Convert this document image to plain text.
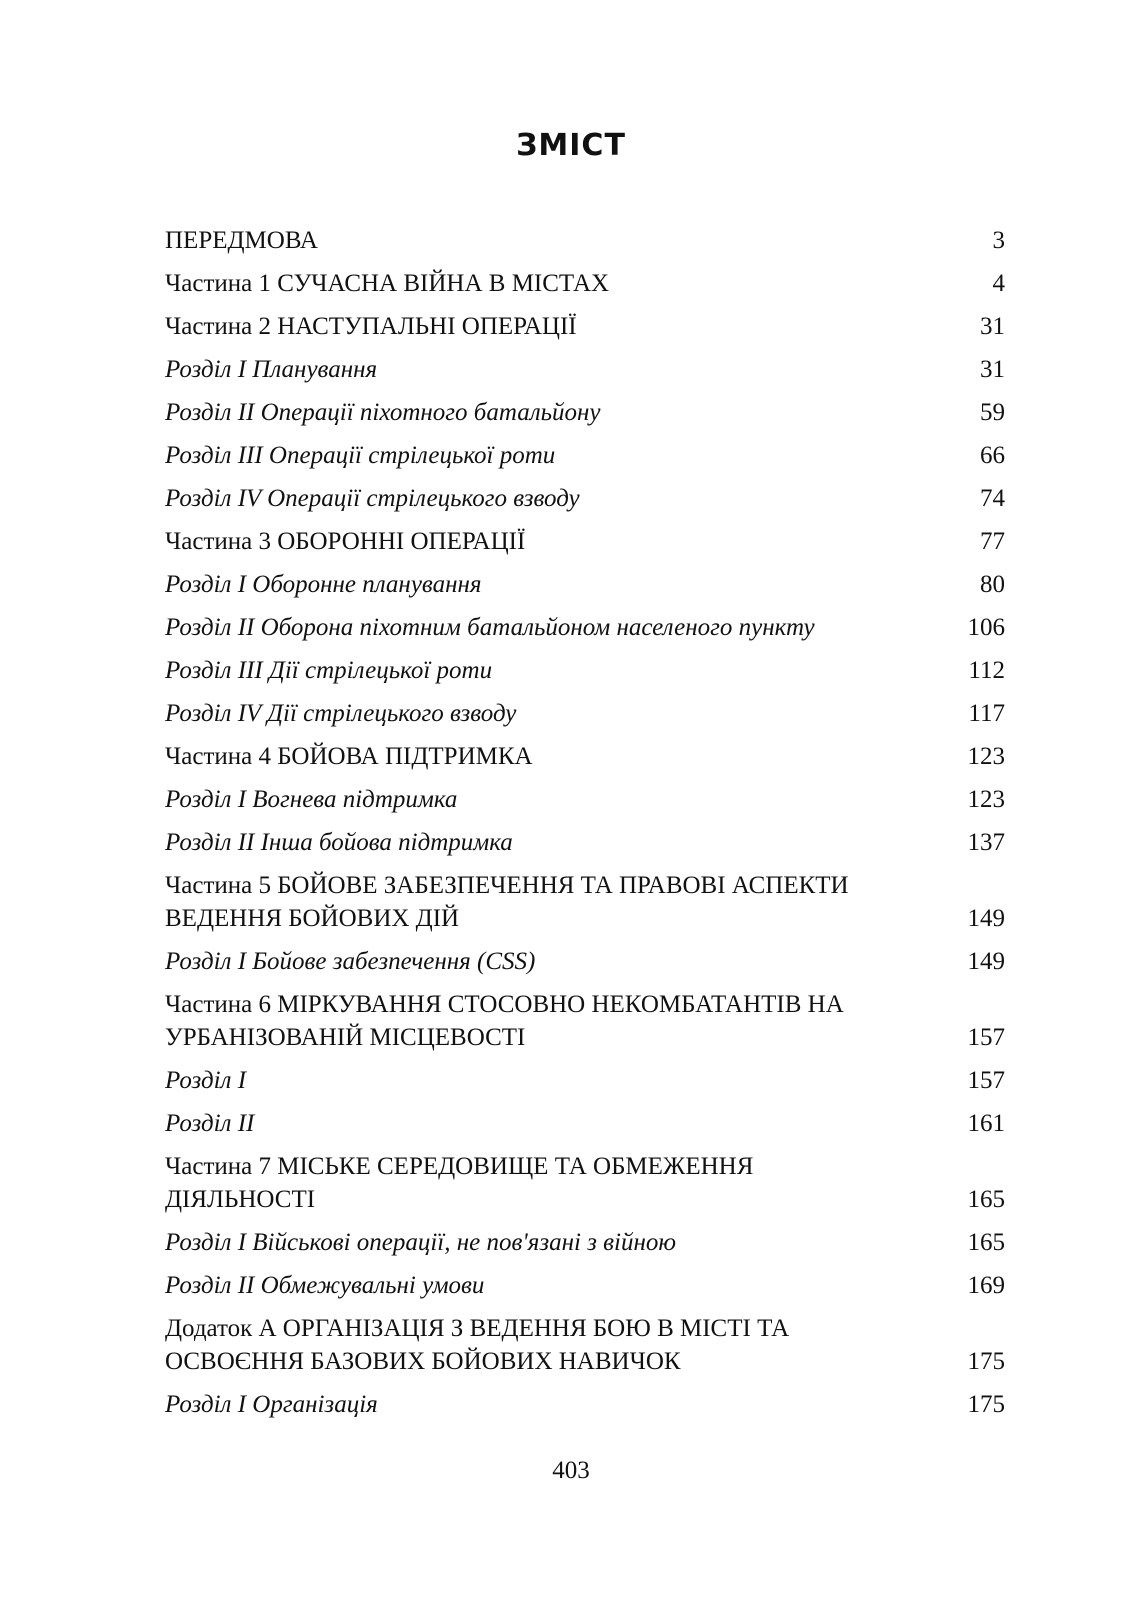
ЗМІСТ
ПЕРЕДМОВА	3
Частина 1 СУЧАСНА ВІЙНА В МІСТАХ	4
Частина 2 НАСТУПАЛЬНІ ОПЕРАЦІЇ	31
Розділ I Планування	31
Розділ II Операції піхотного батальйону	59
Розділ III Операції стрілецької роти	66
Розділ IV Операції стрілецького взводу	74
Частина 3 ОБОРОННІ ОПЕРАЦІЇ	77
Розділ I Оборонне планування	80
Розділ II Оборона піхотним батальйоном населеного пункту	106
Розділ III Дії стрілецької роти	112
Розділ IV Дії стрілецького взводу	117
Частина 4 БОЙОВА ПІДТРИМКА	123
Розділ I Вогнева підтримка	123
Розділ II Інша бойова підтримка	137
Частина 5 БОЙОВЕ ЗАБЕЗПЕЧЕННЯ ТА ПРАВОВІ АСПЕКТИ
ВЕДЕННЯ БОЙОВИХ ДІЙ	149
Розділ I Бойове забезпечення (CSS)	149
Частина 6 МІРКУВАННЯ СТОСОВНО НЕКОМБАТАНТІВ НА
УРБАНІЗОВАНІЙ МІСЦЕВОСТІ	157
Розділ I	157
Розділ II	161
Частина 7 МІСЬКЕ СЕРЕДОВИЩЕ ТА ОБМЕЖЕННЯ
ДІЯЛЬНОСТІ	165
Розділ I Військові операції, не пов'язані з війною	165
Розділ II Обмежувальні умови	169
Додаток А ОРГАНІЗАЦІЯ З ВЕДЕННЯ БОЮ В МІСТІ ТА
ОСВОЄННЯ БАЗОВИХ БОЙОВИХ НАВИЧОК	175
Розділ I Організація	175
403
